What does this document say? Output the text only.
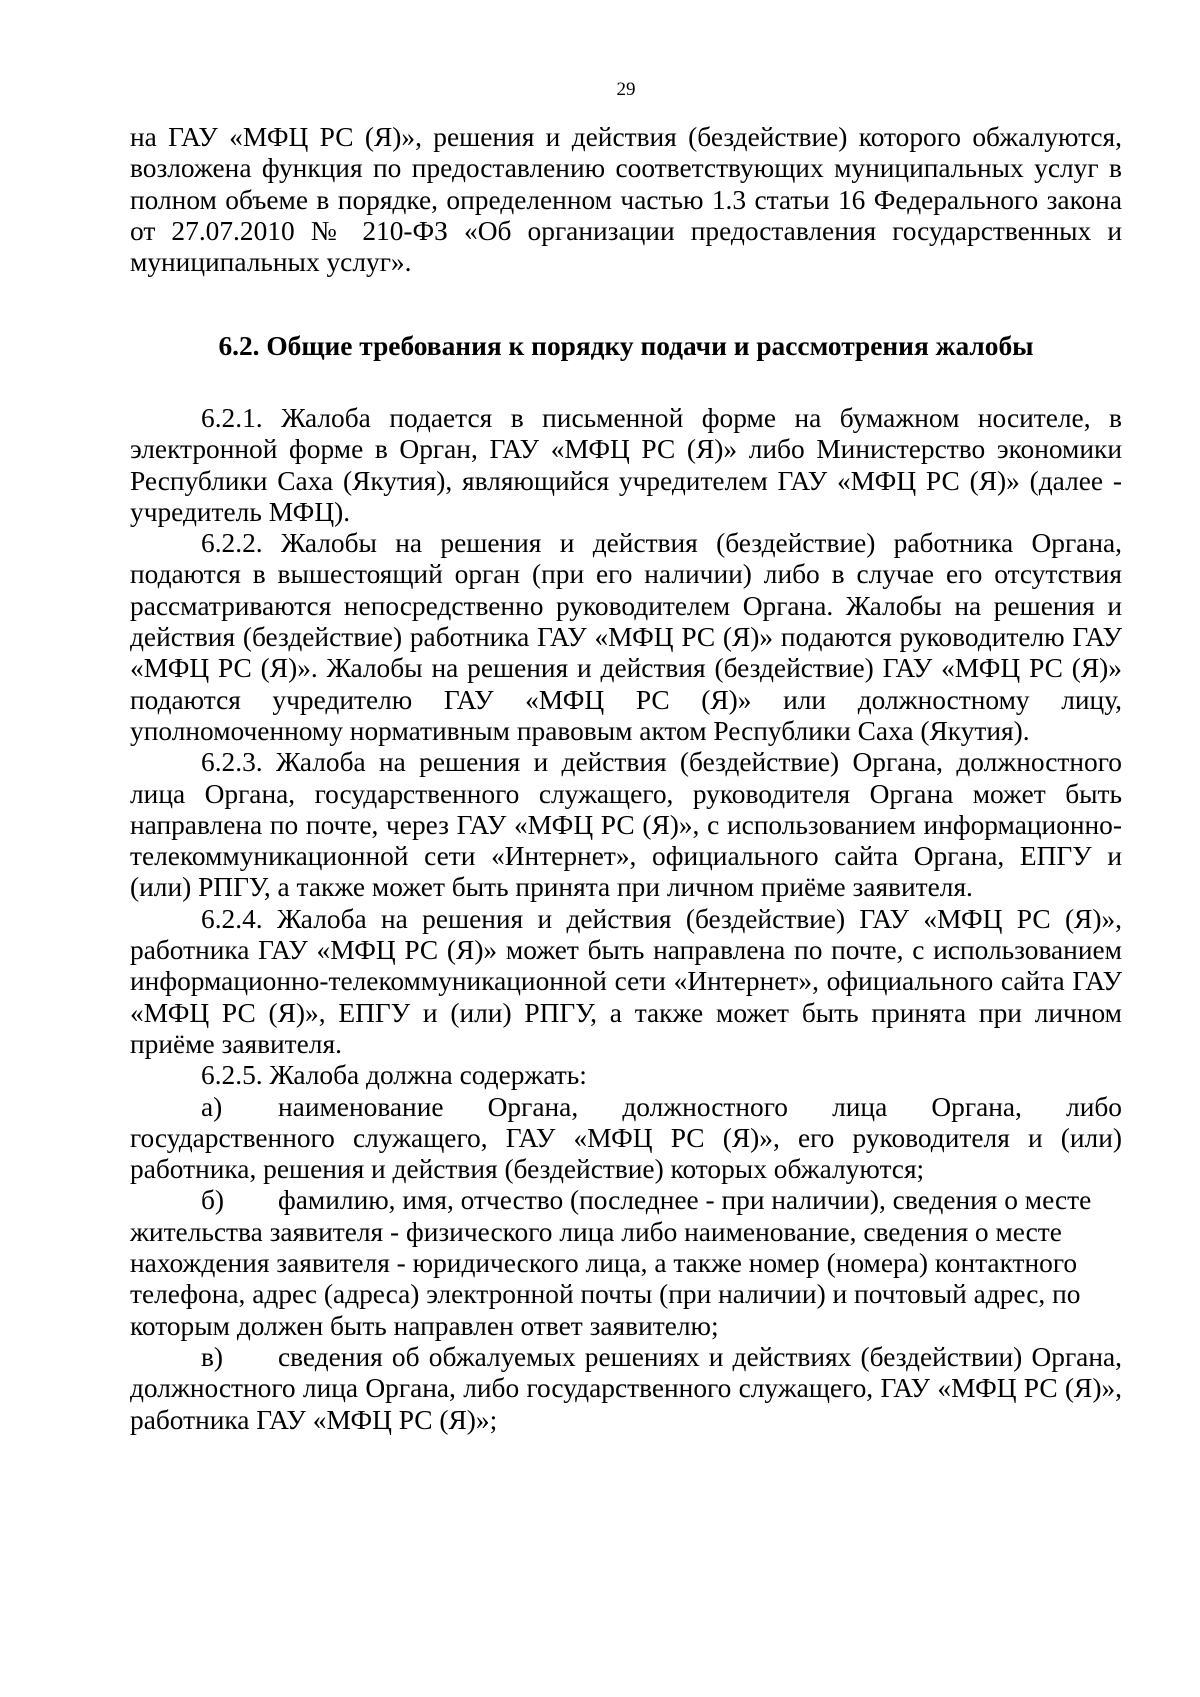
29

на ГАУ «МФЦ РС (Я)», решения и действия (бездействие) которого обжалуются, возложена функция по предоставлению соответствующих муниципальных услуг в полном объеме в порядке, определенном частью 1.3 статьи 16 Федерального закона от 27.07.2010 № 210-ФЗ «Об организации предоставления государственных и муниципальных услуг».

6.2. Общие требования к порядку подачи и рассмотрения жалобы

6.2.1. Жалоба подается в письменной форме на бумажном носителе, в электронной форме в Орган, ГАУ «МФЦ РС (Я)» либо Министерство экономики Республики Саха (Якутия), являющийся учредителем ГАУ «МФЦ РС (Я)» (далее - учредитель МФЦ).

6.2.2. Жалобы на решения и действия (бездействие) работника Органа, подаются в вышестоящий орган (при его наличии) либо в случае его отсутствия рассматриваются непосредственно руководителем Органа. Жалобы на решения и действия (бездействие) работника ГАУ «МФЦ РС (Я)» подаются руководителю ГАУ «МФЦ РС (Я)». Жалобы на решения и действия (бездействие) ГАУ «МФЦ РС (Я)» подаются учредителю ГАУ «МФЦ РС (Я)» или должностному лицу, уполномоченному нормативным правовым актом Республики Саха (Якутия).

6.2.3. Жалоба на решения и действия (бездействие) Органа, должностного лица Органа, государственного служащего, руководителя Органа может быть направлена по почте, через ГАУ «МФЦ РС (Я)», с использованием информационно-телекоммуникационной сети «Интернет», официального сайта Органа, ЕПГУ и (или) РПГУ, а также может быть принята при личном приёме заявителя.

6.2.4. Жалоба на решения и действия (бездействие) ГАУ «МФЦ РС (Я)», работника ГАУ «МФЦ РС (Я)» может быть направлена по почте, с использованием информационно-телекоммуникационной сети «Интернет», официального сайта ГАУ «МФЦ РС (Я)», ЕПГУ и (или) РПГУ, а также может быть принята при личном приёме заявителя.

6.2.5. Жалоба должна содержать:

а) наименование Органа, должностного лица Органа, либо государственного служащего, ГАУ «МФЦ РС (Я)», его руководителя и (или) работника, решения и действия (бездействие) которых обжалуются;

б) фамилию, имя, отчество (последнее - при наличии), сведения о месте жительства заявителя - физического лица либо наименование, сведения о месте нахождения заявителя - юридического лица, а также номер (номера) контактного телефона, адрес (адреса) электронной почты (при наличии) и почтовый адрес, по которым должен быть направлен ответ заявителю;

в) сведения об обжалуемых решениях и действиях (бездействии) Органа, должностного лица Органа, либо государственного служащего, ГАУ «МФЦ РС (Я)», работника ГАУ «МФЦ РС (Я)»;
